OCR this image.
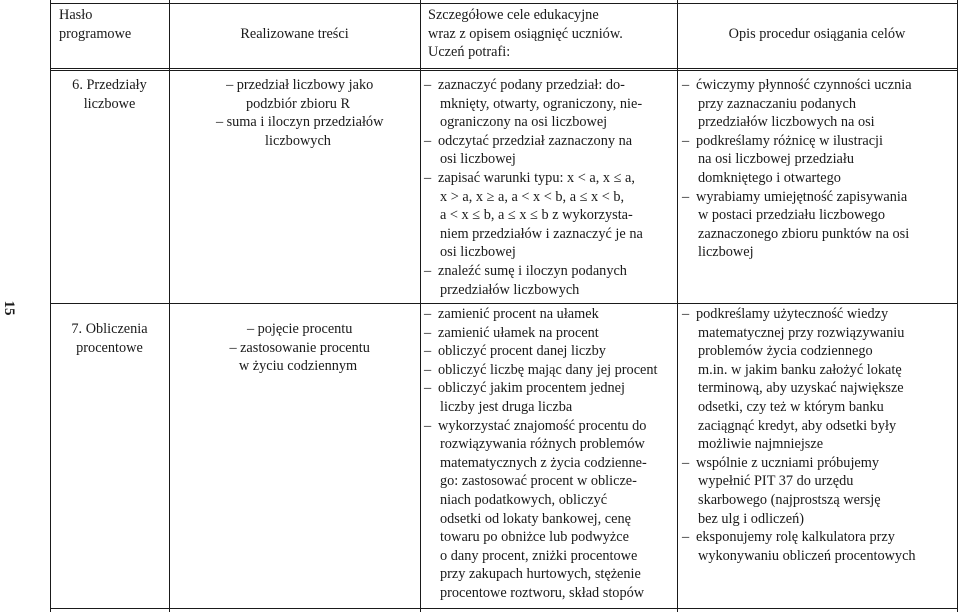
15
Hasło
programowe	Realizowane treści
Szczegółowe cele edukacyjne
wraz z opisem osiągnięć uczniów.
Uczeń potrafi:
Opis procedur osiągania celów
6. Przedziały
liczbowe
– przedział liczbowy jako
podzbiór zbioru R
– suma i iloczyn przedziałów
liczbowych
– zaznaczyć podany przedział: do-
mknięty, otwarty, ograniczony, nie-
ograniczony na osi liczbowej
– odczytać przedział zaznaczony na
osi liczbowej
– zapisać warunki typu: x < a, x ≤ a,
x > a, x ≥ a, a < x < b, a ≤ x < b,
a < x ≤ b, a ≤ x ≤ b z wykorzysta-
niem przedziałów i zaznaczyć je na
osi liczbowej
– znaleźć sumę i iloczyn podanych
przedziałów liczbowych
– ćwiczymy płynność czynności ucznia
przy zaznaczaniu podanych
przedziałów liczbowych na osi
– podkreślamy różnicę w ilustracji
na osi liczbowej przedziału
domkniętego i otwartego
– wyrabiamy umiejętność zapisywania
w postaci przedziału liczbowego
zaznaczonego zbioru punktów na osi
liczbowej
7. Obliczenia
procentowe
– pojęcie procentu
– zastosowanie procentu
w życiu codziennym
– zamienić procent na ułamek
– zamienić ułamek na procent
– obliczyć procent danej liczby
– obliczyć liczbę mając dany jej procent
– obliczyć jakim procentem jednej
liczby jest druga liczba
– wykorzystać znajomość procentu do
rozwiązywania różnych problemów
matematycznych z życia codzienne-
go: zastosować procent w oblicze-
niach podatkowych, obliczyć
odsetki od lokaty bankowej, cenę
towaru po obniżce lub podwyżce
o dany procent, zniżki procentowe
przy zakupach hurtowych, stężenie
procentowe roztworu, skład stopów
– podkreślamy użyteczność wiedzy
matematycznej przy rozwiązywaniu
problemów życia codziennego
m.in. w jakim banku założyć lokatę
terminową, aby uzyskać największe
odsetki, czy też w którym banku
zaciągnąć kredyt, aby odsetki były
możliwie najmniejsze
– wspólnie z uczniami próbujemy
wypełnić PIT 37 do urzędu
skarbowego (najprostszą wersję
bez ulg i odliczeń)
– eksponujemy rolę kalkulatora przy
wykonywaniu obliczeń procentowych
